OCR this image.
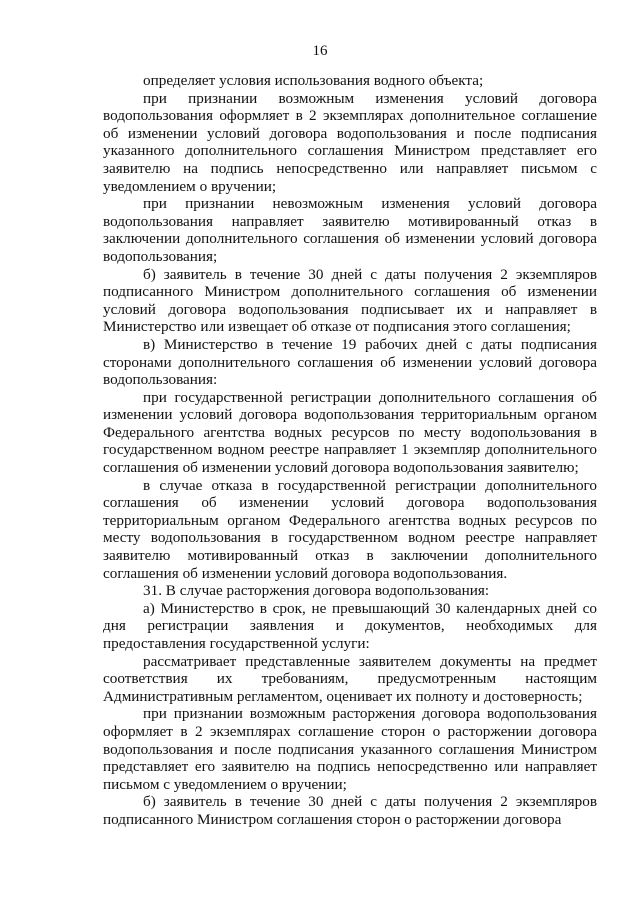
16

определяет условия использования водного объекта;

при признании возможным изменения условий договора водопользования оформляет в 2 экземплярах дополнительное соглашение об изменении условий договора водопользования и после подписания указанного дополнительного соглашения Министром представляет его заявителю на подпись непосредственно или направляет письмом с уведомлением о вручении;

при признании невозможным изменения условий договора водопользования направляет заявителю мотивированный отказ в заключении дополнительного соглашения об изменении условий договора водопользования;

б) заявитель в течение 30 дней с даты получения 2 экземпляров подписанного Министром дополнительного соглашения об изменении условий договора водопользования подписывает их и направляет в Министерство или извещает об отказе от подписания этого соглашения;

в) Министерство в течение 19 рабочих дней с даты подписания сторонами дополнительного соглашения об изменении условий договора водопользования:

при государственной регистрации дополнительного соглашения об изменении условий договора водопользования территориальным органом Федерального агентства водных ресурсов по месту водопользования в государственном водном реестре направляет 1 экземпляр дополнительного соглашения об изменении условий договора водопользования заявителю;

в случае отказа в государственной регистрации дополнительного соглашения об изменении условий договора водопользования территориальным органом Федерального агентства водных ресурсов по месту водопользования в государственном водном реестре направляет заявителю мотивированный отказ в заключении дополнительного соглашения об изменении условий договора водопользования.

31. В случае расторжения договора водопользования:

а) Министерство в срок, не превышающий 30 календарных дней со дня регистрации заявления и документов, необходимых для предоставления государственной услуги:

рассматривает представленные заявителем документы на предмет соответствия их требованиям, предусмотренным настоящим Административным регламентом, оценивает их полноту и достоверность;

при признании возможным расторжения договора водопользования оформляет в 2 экземплярах соглашение сторон о расторжении договора водопользования и после подписания указанного соглашения Министром представляет его заявителю на подпись непосредственно или направляет письмом с уведомлением о вручении;

б) заявитель в течение 30 дней с даты получения 2 экземпляров подписанного Министром соглашения сторон о расторжении договора
